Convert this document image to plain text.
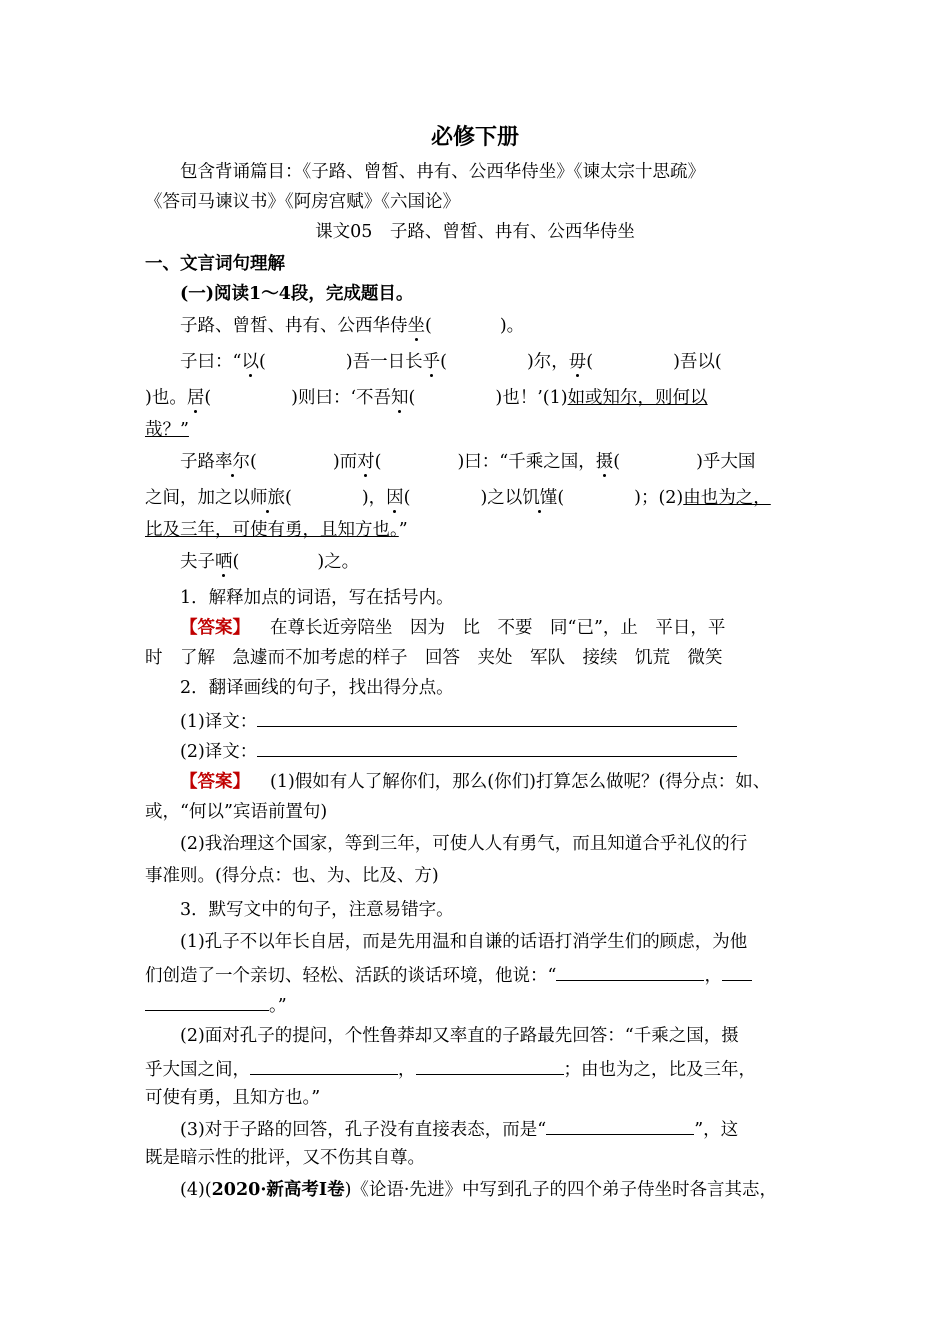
必修下册
包含背诵篇目：《子路、曾皙、冉有、公西华侍坐》《谏太宗十思疏》
《答司马谏议书》《阿房宫赋》《六国论》
课文05　子路、曾皙、冉有、公西华侍坐
一、文言词句理解
(一)阅读1～4段，完成题目。
子路、曾皙、冉有、公西华侍坐(	)。
子曰：“以(	)吾一日长乎(	)尔，毋(	)吾以(
)也。居(	)则曰：‘不吾知(	)也！’(1)如或知尔，则何以
哉？”
子路率尔(	)而对(	)曰：“千乘之国，摄(	)乎大国
之间，加之以师旅(	)，因(	)之以饥馑(	)；(2)由也为之，
比及三年，可使有勇，且知方也。”
夫子哂(	)之。
1．解释加点的词语，写在括号内。
【答案】 在尊长近旁陪坐　因为　比　不要　同“已”，止　平日，平
时　了解　急遽而不加考虑的样子　回答　夹处　军队　接续　饥荒　微笑
2．翻译画线的句子，找出得分点。
(1)译文：
(2)译文：
【答案】 (1)假如有人了解你们，那么(你们)打算怎么做呢？(得分点：如、
或，“何以”宾语前置句)
(2)我治理这个国家，等到三年，可使人人有勇气，而且知道合乎礼仪的行
事准则。(得分点：也、为、比及、方)
3．默写文中的句子，注意易错字。
(1)孔子不以年长自居，而是先用温和自谦的话语打消学生们的顾虑，为他
们创造了一个亲切、轻松、活跃的谈话环境，他说：“	，
。”
(2)面对孔子的提问，个性鲁莽却又率直的子路最先回答：“千乘之国，摄
乎大国之间，	，	；由也为之，比及三年，
可使有勇，且知方也。”
(3)对于子路的回答，孔子没有直接表态，而是“	”，这
既是暗示性的批评，又不伤其自尊。
(4)(2020·新高考Ⅰ卷)《论语·先进》中写到孔子的四个弟子侍坐时各言其志，
